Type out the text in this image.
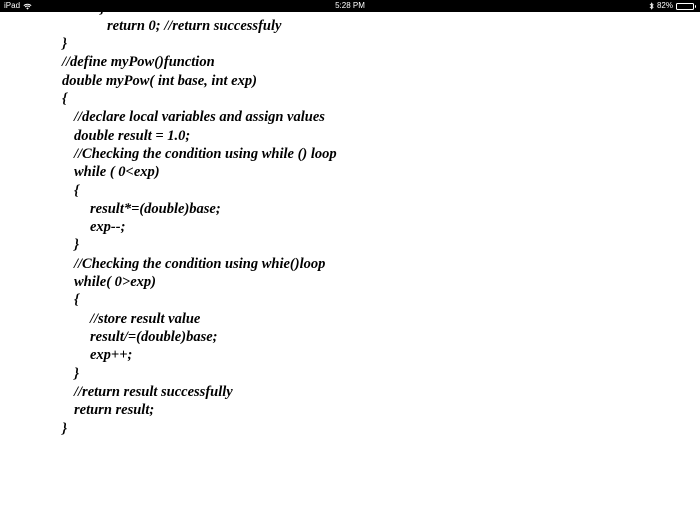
return 0; //return successfuly
}
//define myPow()function
double myPow( int base, int exp)
{
//declare local variables and assign values
double result = 1.0;
//Checking the condition using while () loop
while ( 0<exp)
{
result*=(double)base;
exp--;
}
//Checking the condition using whie()loop
while( 0>exp)
{
//store result value
result/=(double)base;
exp++;
}
//return result successfully
return result;
}
iPad	5:28 PM	82%
